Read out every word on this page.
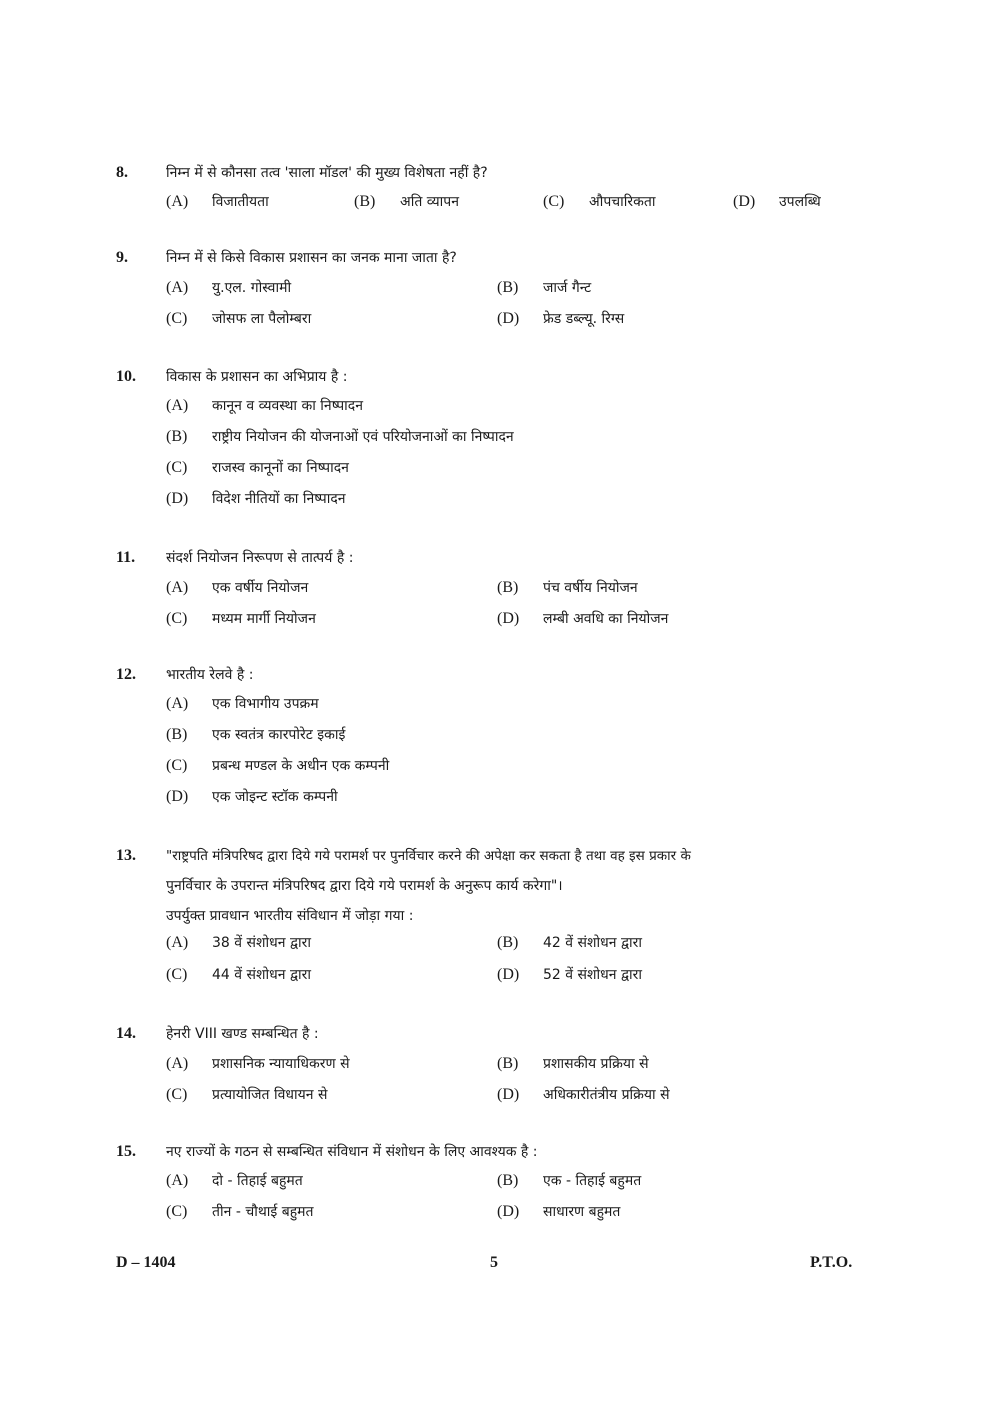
8.	निम्न में से कौनसा तत्व 'साला मॉडल' की मुख्य विशेषता नहीं है?
(A) विजातीयता	(B) अति व्यापन	(C) औपचारिकता	(D) उपलब्धि
9.	निम्न में से किसे विकास प्रशासन का जनक माना जाता है?
(A) यु.एल. गोस्वामी	(B) जार्ज गैन्ट
(C) जोसफ ला पैलोम्बरा	(D) फ्रेड डब्ल्यू. रिग्स
10.	विकास के प्रशासन का अभिप्राय है :
(A) कानून व व्यवस्था का निष्पादन
(B) राष्ट्रीय नियोजन की योजनाओं एवं परियोजनाओं का निष्पादन
(C) राजस्व कानूनों का निष्पादन
(D) विदेश नीतियों का निष्पादन
11.	संदर्श नियोजन निरूपण से तात्पर्य है :
(A) एक वर्षीय नियोजन	(B) पंच वर्षीय नियोजन
(C) मध्यम मार्गी नियोजन	(D) लम्बी अवधि का नियोजन
12.	भारतीय रेलवे है :
(A) एक विभागीय उपक्रम
(B) एक स्वतंत्र कारपोरेट इकाई
(C) प्रबन्ध मण्डल के अधीन एक कम्पनी
(D) एक जोइन्ट स्टॉक कम्पनी
13.	"राष्ट्रपति मंत्रिपरिषद द्वारा दिये गये परामर्श पर पुनर्विचार करने की अपेक्षा कर सकता है तथा वह इस प्रकार के
पुनर्विचार के उपरान्त मंत्रिपरिषद द्वारा दिये गये परामर्श के अनुरूप कार्य करेगा"।
उपर्युक्त प्रावधान भारतीय संविधान में जोड़ा गया :
(A) 38 वें संशोधन द्वारा	(B) 42 वें संशोधन द्वारा
(C) 44 वें संशोधन द्वारा	(D) 52 वें संशोधन द्वारा
14.	हेनरी VIII खण्ड सम्बन्धित है :
(A) प्रशासनिक न्यायाधिकरण से	(B) प्रशासकीय प्रक्रिया से
(C) प्रत्यायोजित विधायन से	(D) अधिकारीतंत्रीय प्रक्रिया से
15.	नए राज्यों के गठन से सम्बन्धित संविधान में संशोधन के लिए आवश्यक है :
(A) दो - तिहाई बहुमत	(B) एक - तिहाई बहुमत
(C) तीन - चौथाई बहुमत	(D) साधारण बहुमत
D – 1404	5	P.T.O.
